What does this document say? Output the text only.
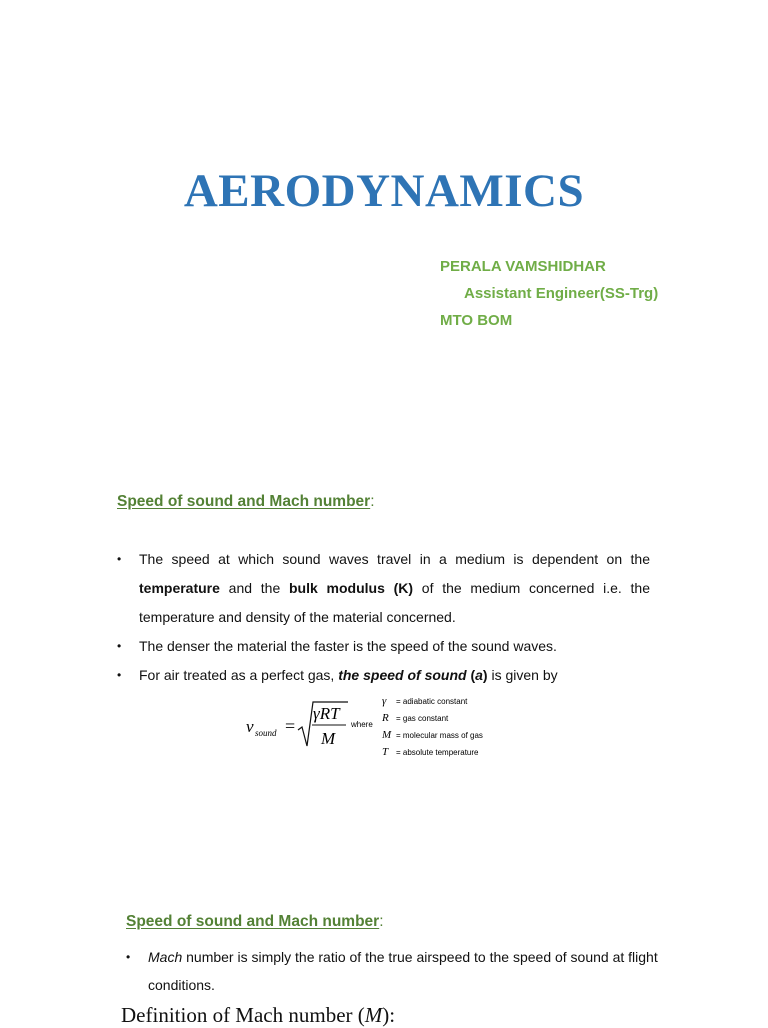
AERODYNAMICS
PERALA VAMSHIDHAR
Assistant Engineer(SS-Trg)
MTO BOM
Speed of sound and Mach number:
• The speed at which sound waves travel in a medium is dependent on the temperature and the bulk modulus (K) of the medium concerned i.e. the temperature and density of the material concerned.
• The denser the material the faster is the speed of the sound waves.
• For air treated as a perfect gas, the speed of sound (a) is given by
v sound =
γRT
M
where
γ = adiabatic constant
R = gas constant
M = molecular mass of gas
T = absolute temperature
Speed of sound and Mach number:
• Mach number is simply the ratio of the true airspeed to the speed of sound at flight conditions.
Definition of Mach number (M):
